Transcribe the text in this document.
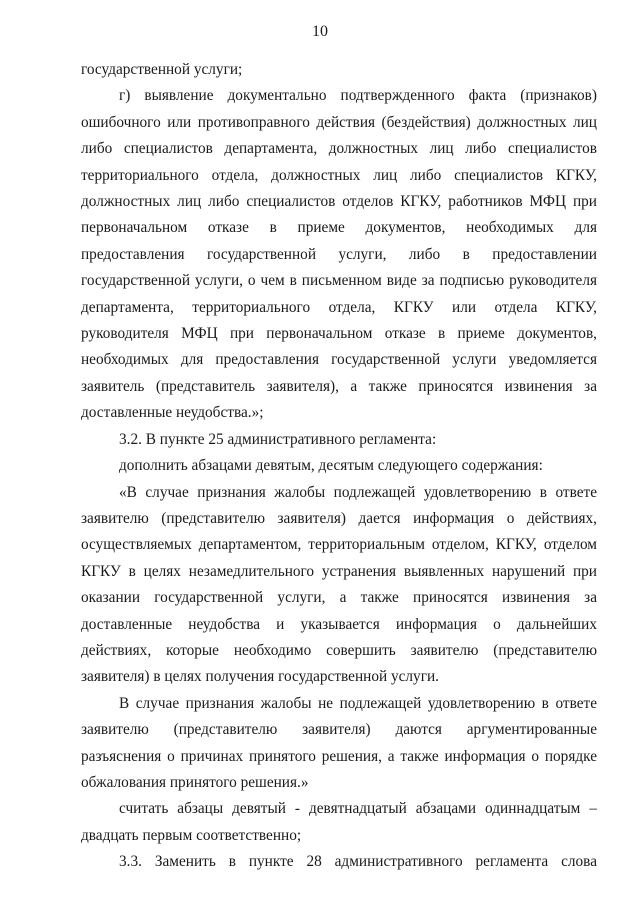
10

государственной услуги;

г) выявление документально подтвержденного факта (признаков) ошибочного или противоправного действия (бездействия) должностных лиц либо специалистов департамента, должностных лиц либо специалистов территориального отдела, должностных лиц либо специалистов КГКУ, должностных лиц либо специалистов отделов КГКУ, работников МФЦ при первоначальном отказе в приеме документов, необходимых для предоставления государственной услуги, либо в предоставлении государственной услуги, о чем в письменном виде за подписью руководителя департамента, территориального отдела, КГКУ или отдела КГКУ, руководителя МФЦ при первоначальном отказе в приеме документов, необходимых для предоставления государственной услуги уведомляется заявитель (представитель заявителя), а также приносятся извинения за доставленные неудобства.»;

3.2. В пункте 25 административного регламента:

дополнить абзацами девятым, десятым следующего содержания:

«В случае признания жалобы подлежащей удовлетворению в ответе заявителю (представителю заявителя) дается информация о действиях, осуществляемых департаментом, территориальным отделом, КГКУ, отделом КГКУ в целях незамедлительного устранения выявленных нарушений при оказании государственной услуги, а также приносятся извинения за доставленные неудобства и указывается информация о дальнейших действиях, которые необходимо совершить заявителю (представителю заявителя) в целях получения государственной услуги.

В случае признания жалобы не подлежащей удовлетворению в ответе заявителю (представителю заявителя) даются аргументированные разъяснения о причинах принятого решения, а также информация о порядке обжалования принятого решения.»

считать абзацы девятый - девятнадцатый абзацами одиннадцатым – двадцать первым соответственно;

3.3. Заменить в пункте 28 административного регламента слова
